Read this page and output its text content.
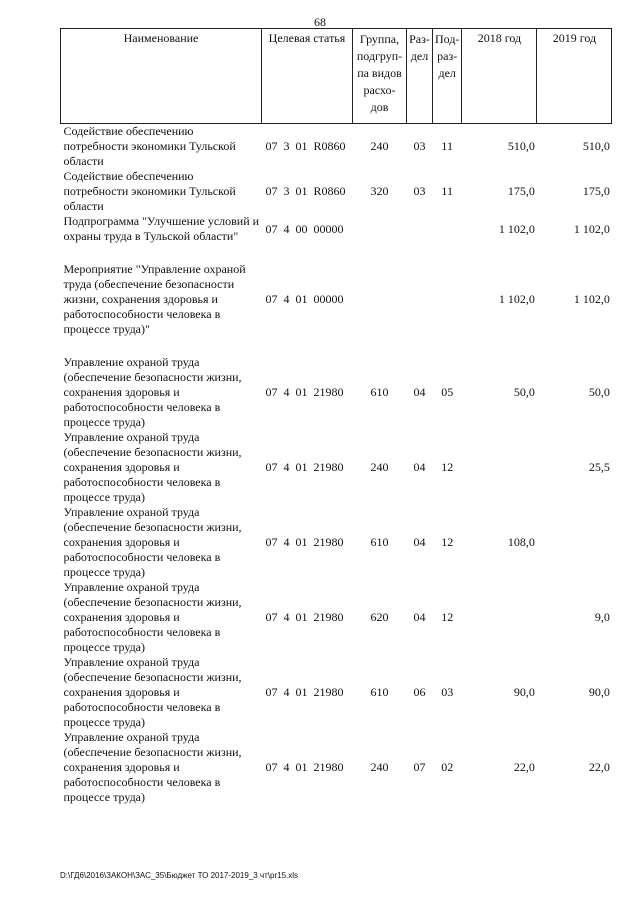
68
Наименование	Целевая статья	Группа, подгруп-па видов расхо-дов	Раз-дел	Под-раз-дел	2018 год	2019 год
Содействие обеспечению потребности экономики Тульской области	07  3  01  R0860	240	03	11	510,0	510,0
Содействие обеспечению потребности экономики Тульской области	07  3  01  R0860	320	03	11	175,0	175,0
Подпрограмма "Улучшение условий и охраны труда в Тульской области"	07  4  00  00000				1 102,0	1 102,0

Мероприятие "Управление охраной труда (обеспечение безопасности жизни, сохранения здоровья и работоспособности человека в процессе труда)"	07  4  01  00000				1 102,0	1 102,0

Управление охраной труда (обеспечение безопасности жизни, сохранения здоровья и работоспособности человека в процессе труда)	07  4  01  21980	610	04	05	50,0	50,0
Управление охраной труда (обеспечение безопасности жизни, сохранения здоровья и работоспособности человека в процессе труда)	07  4  01  21980	240	04	12		25,5
Управление охраной труда (обеспечение безопасности жизни, сохранения здоровья и работоспособности человека в процессе труда)	07  4  01  21980	610	04	12	108,0	
Управление охраной труда (обеспечение безопасности жизни, сохранения здоровья и работоспособности человека в процессе труда)	07  4  01  21980	620	04	12		9,0
Управление охраной труда (обеспечение безопасности жизни, сохранения здоровья и работоспособности человека в процессе труда)	07  4  01  21980	610	06	03	90,0	90,0
Управление охраной труда (обеспечение безопасности жизни, сохранения здоровья и работоспособности человека в процессе труда)	07  4  01  21980	240	07	02	22,0	22,0
D:\ГД6\2016\ЗАКОН\ЗАС_35\Бюджет ТО 2017-2019_3 чт\pr15.xls
